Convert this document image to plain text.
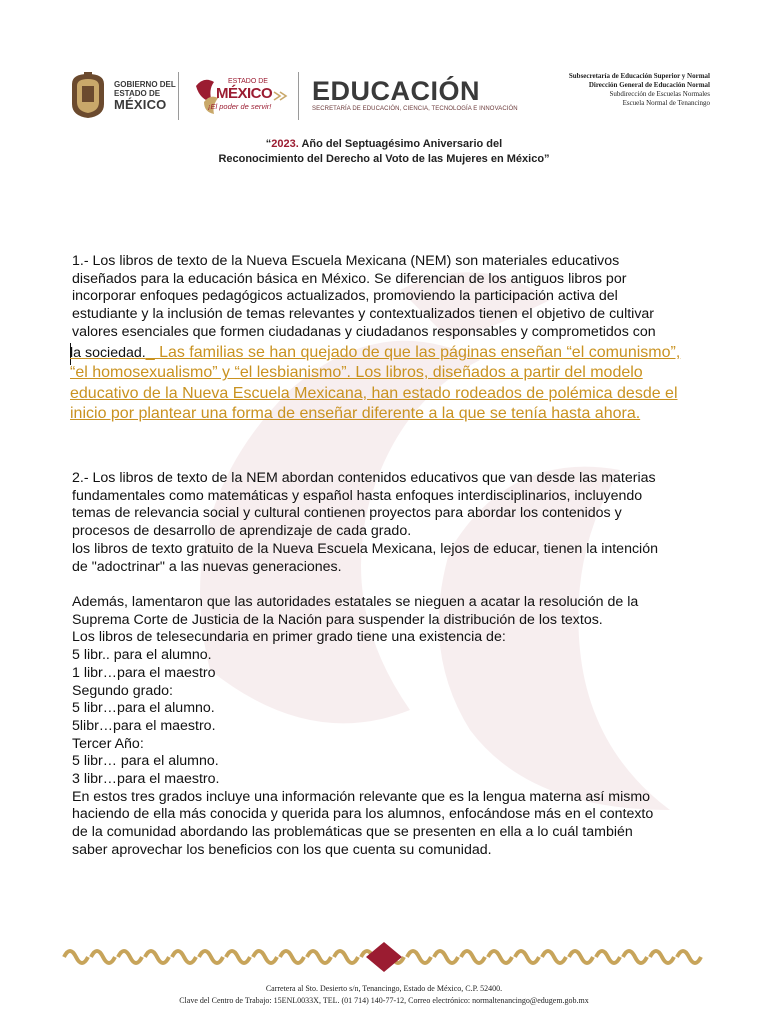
GOBIERNO DEL
ESTADO DE
MÉXICO
ESTADO DE
MÉXICO
¡El poder de servir!
EDUCACIÓN
SECRETARÍA DE EDUCACIÓN, CIENCIA, TECNOLOGÍA E INNOVACIÓN
Subsecretaría de Educación Superior y Normal
Dirección General de Educación Normal
Subdirección de Escuelas Normales
Escuela Normal de Tenancingo
“2023. Año del Septuagésimo Aniversario del
Reconocimiento del Derecho al Voto de las Mujeres en México”
1.- Los libros de texto de la Nueva Escuela Mexicana (NEM) son materiales educativos
diseñados para la educación básica en México. Se diferencian de los antiguos libros por
incorporar enfoques pedagógicos actualizados, promoviendo la participación activa del
estudiante y la inclusión de temas relevantes y contextualizados tienen el objetivo de cultivar
valores esenciales que formen ciudadanas y ciudadanos responsables y comprometidos con
la sociedad._ Las familias se han quejado de que las páginas enseñan “el comunismo”,
“el homosexualismo” y “el lesbianismo”. Los libros, diseñados a partir del modelo
educativo de la Nueva Escuela Mexicana, han estado rodeados de polémica desde el
inicio por plantear una forma de enseñar diferente a la que se tenía hasta ahora.
2.- Los libros de texto de la NEM abordan contenidos educativos que van desde las materias
fundamentales como matemáticas y español hasta enfoques interdisciplinarios, incluyendo
temas de relevancia social y cultural contienen proyectos para abordar los contenidos y
procesos de desarrollo de aprendizaje de cada grado.
los libros de texto gratuito de la Nueva Escuela Mexicana, lejos de educar, tienen la intención
de "adoctrinar" a las nuevas generaciones.
Además, lamentaron que las autoridades estatales se nieguen a acatar la resolución de la
Suprema Corte de Justicia de la Nación para suspender la distribución de los textos.
Los libros de telesecundaria en primer grado tiene una existencia de:
5 libr.. para el alumno.
1 libr…para el maestro
Segundo grado:
5 libr…para el alumno.
5libr…para el maestro.
Tercer Año:
5 libr… para el alumno.
3 libr…para el maestro.
En estos tres grados incluye una información relevante que es la lengua materna así mismo
haciendo de ella más conocida y querida para los alumnos, enfocándose más en el contexto
de la comunidad abordando las problemáticas que se presenten en ella a lo cuál también
saber aprovechar los beneficios con los que cuenta su comunidad.
Carretera al Sto. Desierto s/n, Tenancingo, Estado de México, C.P. 52400.
Clave del Centro de Trabajo: 15ENL0033X, TEL. (01 714) 140-77-12, Correo electrónico: normaltenancingo@edugem.gob.mx
